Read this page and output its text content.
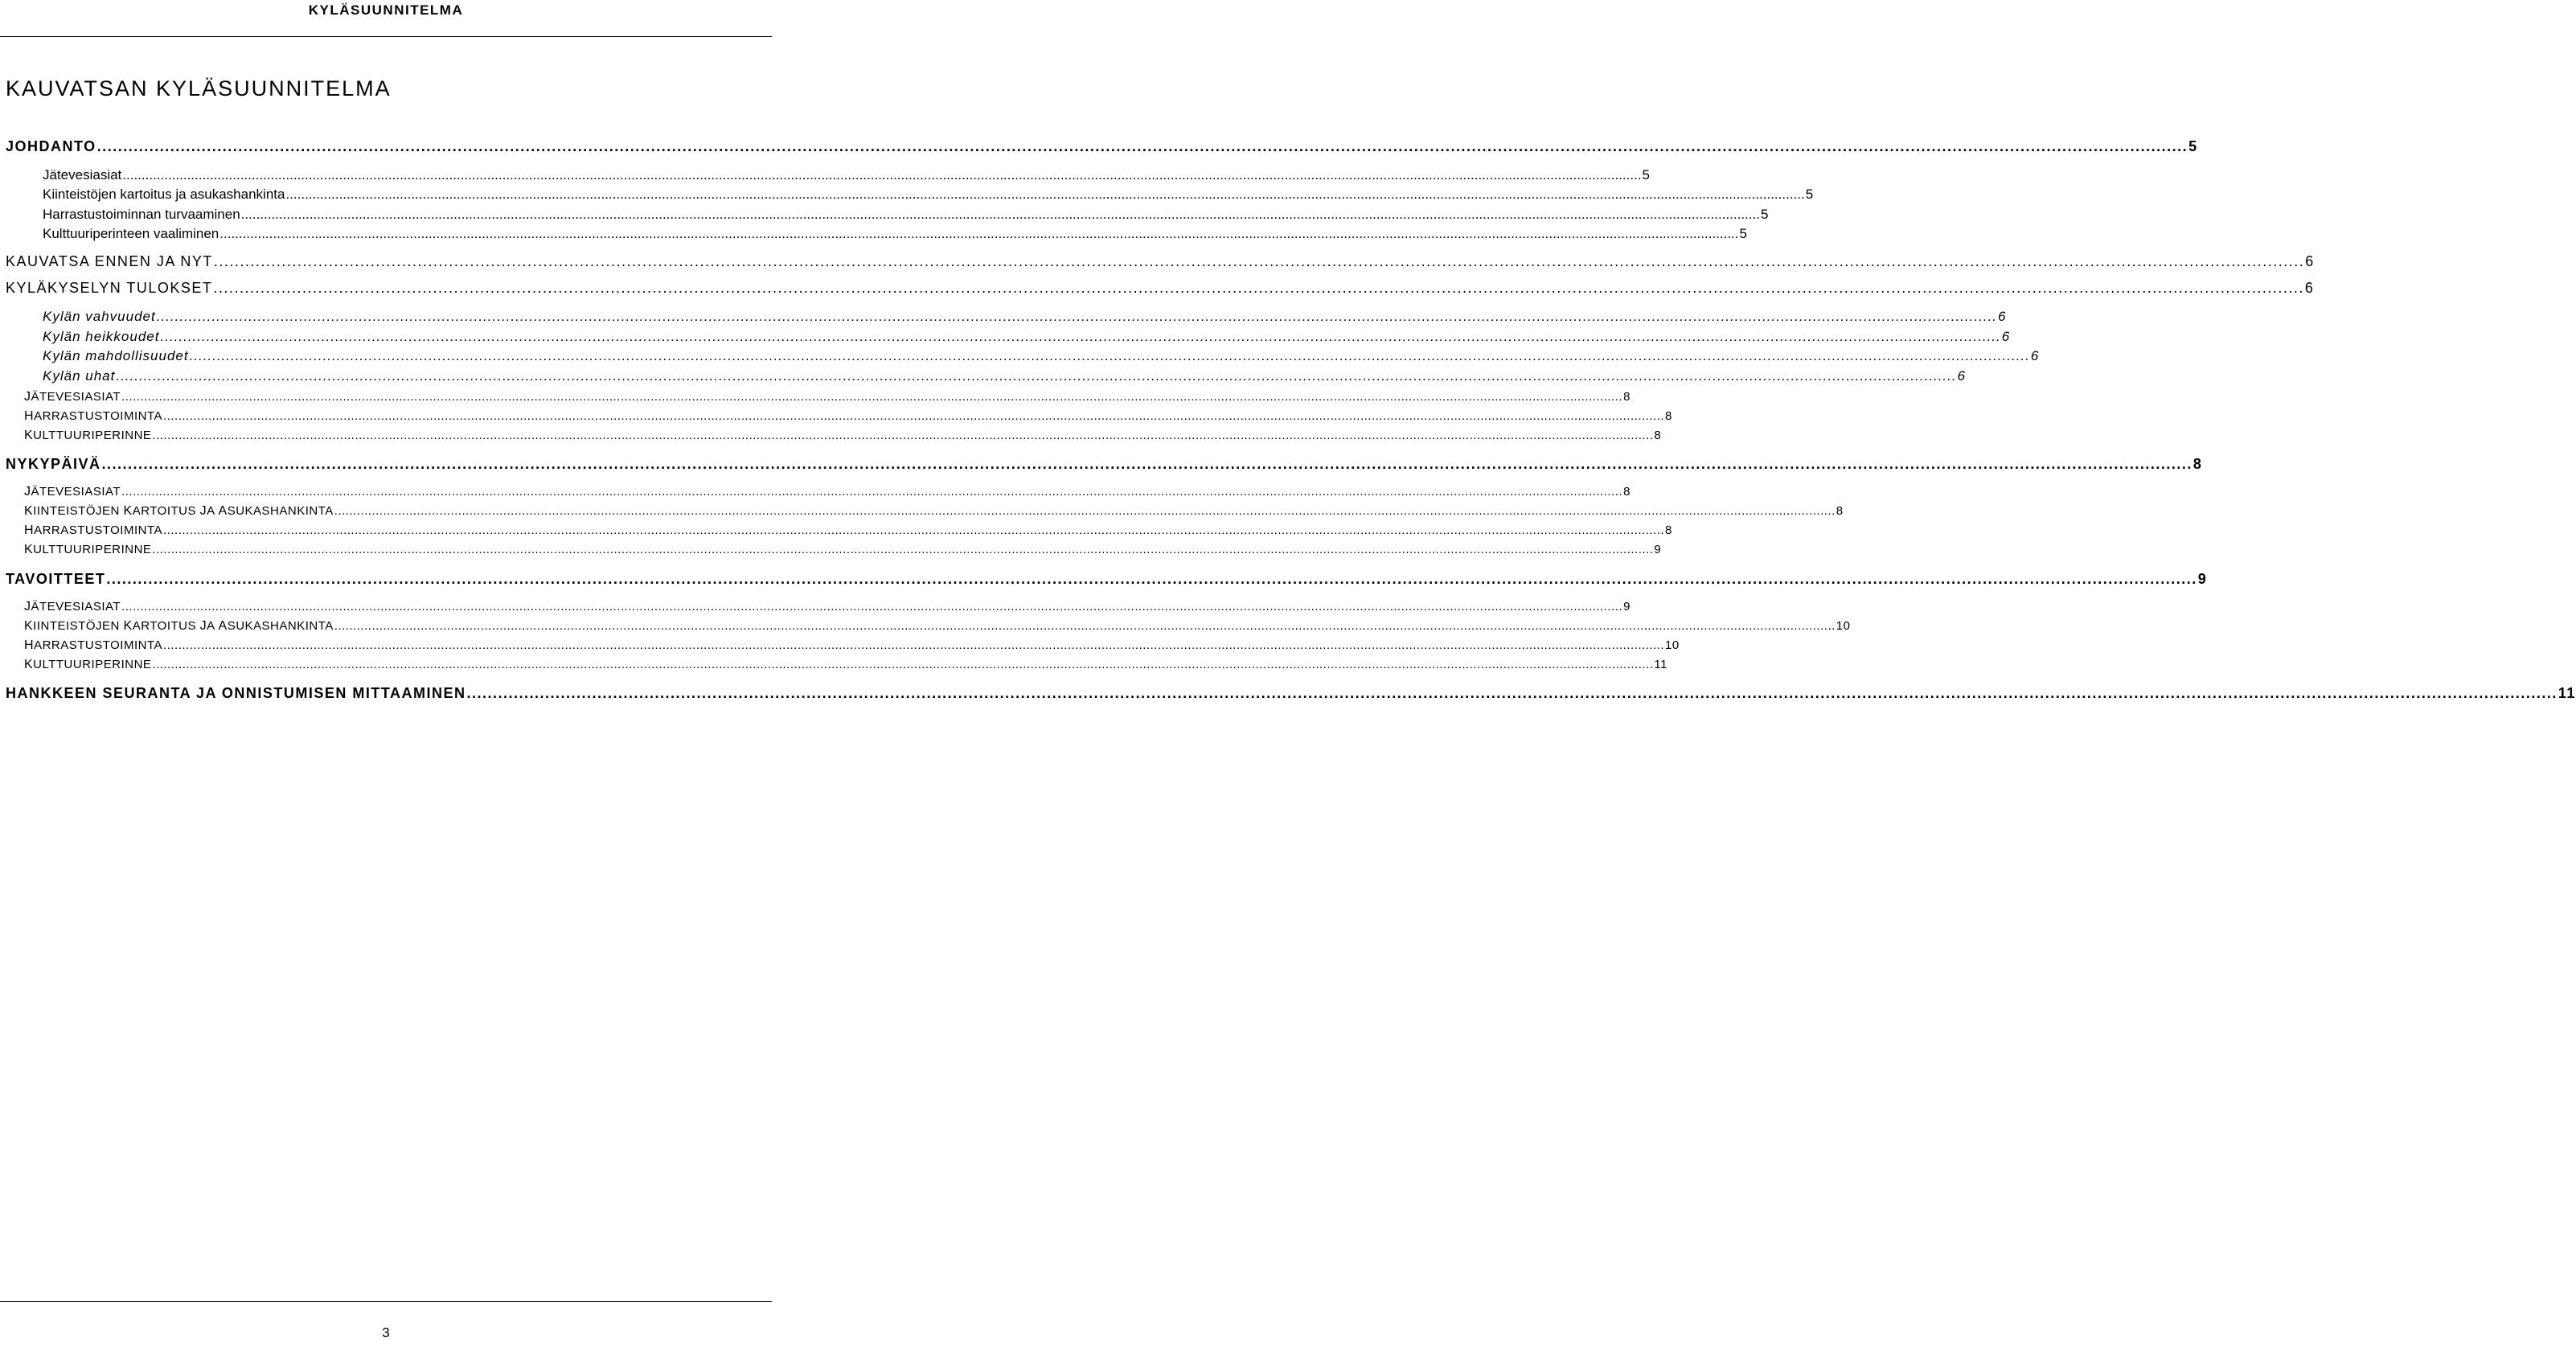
KYLÄSUUNNITELMA
KAUVATSAN KYLÄSUUNNITELMA
JOHDANTO ................................................................................................................................................................................................................................................................................................................................................................................................................ 5
Jätevesiasiat ................................................................................................................................................................................................................................................................................................................................................................................................................ 5
Kiinteistöjen kartoitus ja asukashankinta ................................................................................................................................................................................................................................................................................................................................................................................................................ 5
Harrastustoiminnan turvaaminen ................................................................................................................................................................................................................................................................................................................................................................................................................ 5
Kulttuuriperinteen vaaliminen ................................................................................................................................................................................................................................................................................................................................................................................................................ 5
KAUVATSA ENNEN JA NYT ................................................................................................................................................................................................................................................................................................................................................................................................................ 6
KYLÄKYSELYN TULOKSET ................................................................................................................................................................................................................................................................................................................................................................................................................ 6
Kylän vahvuudet ................................................................................................................................................................................................................................................................................................................................................................................................................ 6
Kylän heikkoudet ................................................................................................................................................................................................................................................................................................................................................................................................................ 6
Kylän mahdollisuudet ................................................................................................................................................................................................................................................................................................................................................................................................................ 6
Kylän uhat ................................................................................................................................................................................................................................................................................................................................................................................................................ 6
JÄTEVESIASIAT ................................................................................................................................................................................................................................................................................................................................................................................................................ 8
HARRASTUSTOIMINTA ................................................................................................................................................................................................................................................................................................................................................................................................................ 8
KULTTUURIPERINNE ................................................................................................................................................................................................................................................................................................................................................................................................................ 8
NYKYPÄIVÄ ................................................................................................................................................................................................................................................................................................................................................................................................................ 8
JÄTEVESIASIAT ................................................................................................................................................................................................................................................................................................................................................................................................................ 8
KIINTEISTÖJEN KARTOITUS JA ASUKASHANKINTA ................................................................................................................................................................................................................................................................................................................................................................................................................ 8
HARRASTUSTOIMINTA ................................................................................................................................................................................................................................................................................................................................................................................................................ 8
KULTTUURIPERINNE ................................................................................................................................................................................................................................................................................................................................................................................................................ 9
TAVOITTEET ................................................................................................................................................................................................................................................................................................................................................................................................................ 9
JÄTEVESIASIAT ................................................................................................................................................................................................................................................................................................................................................................................................................ 9
KIINTEISTÖJEN KARTOITUS JA ASUKASHANKINTA ................................................................................................................................................................................................................................................................................................................................................................................................................ 10
HARRASTUSTOIMINTA ................................................................................................................................................................................................................................................................................................................................................................................................................ 10
KULTTUURIPERINNE ................................................................................................................................................................................................................................................................................................................................................................................................................ 11
HANKKEEN SEURANTA JA ONNISTUMISEN MITTAAMINEN ................................................................................................................................................................................................................................................................................................................................................................................................................ 11
3
